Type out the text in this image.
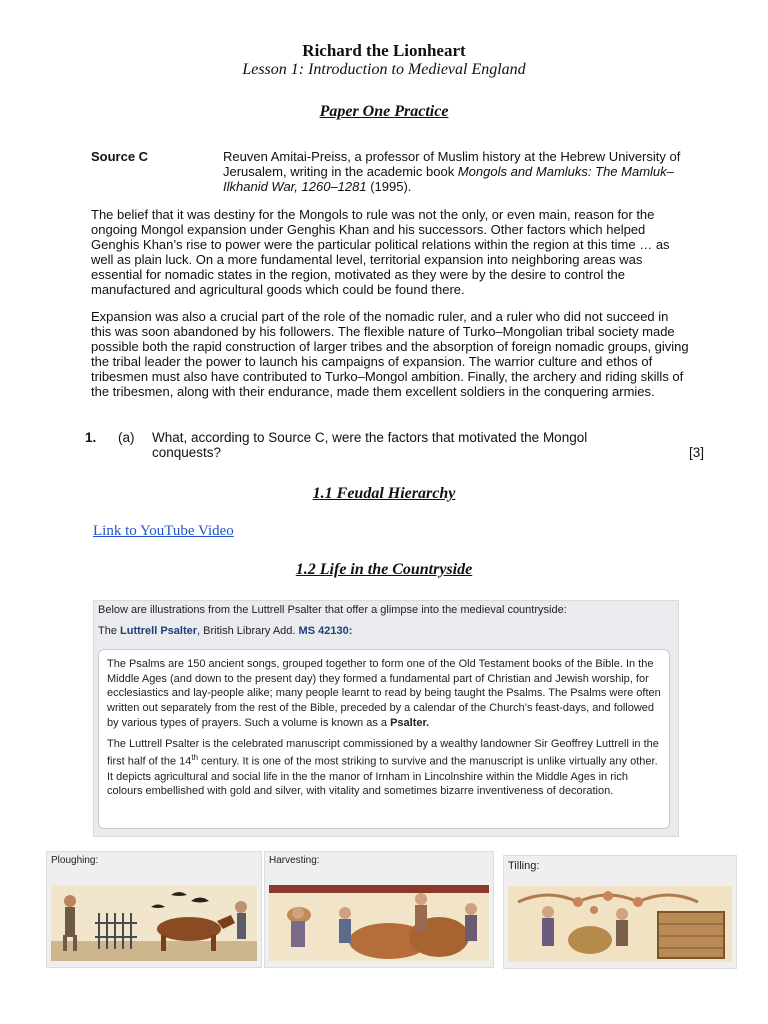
Richard the Lionheart
Lesson 1: Introduction to Medieval England
Paper One Practice
Source C	Reuven Amitai-Preiss, a professor of Muslim history at the Hebrew University of Jerusalem, writing in the academic book Mongols and Mamluks: The Mamluk–Ilkhanid War, 1260–1281 (1995).
The belief that it was destiny for the Mongols to rule was not the only, or even main, reason for the ongoing Mongol expansion under Genghis Khan and his successors. Other factors which helped Genghis Khan’s rise to power were the particular political relations within the region at this time … as well as plain luck. On a more fundamental level, territorial expansion into neighboring areas was essential for nomadic states in the region, motivated as they were by the desire to control the manufactured and agricultural goods which could be found there.
Expansion was also a crucial part of the role of the nomadic ruler, and a ruler who did not succeed in this was soon abandoned by his followers. The flexible nature of Turko–Mongolian tribal society made possible both the rapid construction of larger tribes and the absorption of foreign nomadic groups, giving the tribal leader the power to launch his campaigns of expansion. The warrior culture and ethos of tribesmen must also have contributed to Turko–Mongol ambition. Finally, the archery and riding skills of the tribesmen, along with their endurance, made them excellent soldiers in the conquering armies.
1. (a) What, according to Source C, were the factors that motivated the Mongol conquests?	[3]
1.1 Feudal Hierarchy
Link to YouTube Video
1.2 Life in the Countryside
Below are illustrations from the Luttrell Psalter that offer a glimpse into the medieval countryside:
The Luttrell Psalter, British Library Add. MS 42130:

The Psalms are 150 ancient songs, grouped together to form one of the Old Testament books of the Bible. In the Middle Ages (and down to the present day) they formed a fundamental part of Christian and Jewish worship, for ecclesiastics and lay-people alike; many people learnt to read by being taught the Psalms. The Psalms were often written out separately from the rest of the Bible, preceded by a calendar of the Church’s feast-days, and followed by various types of prayers. Such a volume is known as a Psalter.

The Luttrell Psalter is the celebrated manuscript commissioned by a wealthy landowner Sir Geoffrey Luttrell in the first half of the 14th century. It is one of the most striking to survive and the manuscript is unlike virtually any other. It depicts agricultural and social life in the the manor of Irnham in Lincolnshire within the Middle Ages in rich colours embellished with gold and silver, with vitality and sometimes bizarre inventiveness of decoration.

Ploughing:	Harvesting:	Tilling:
